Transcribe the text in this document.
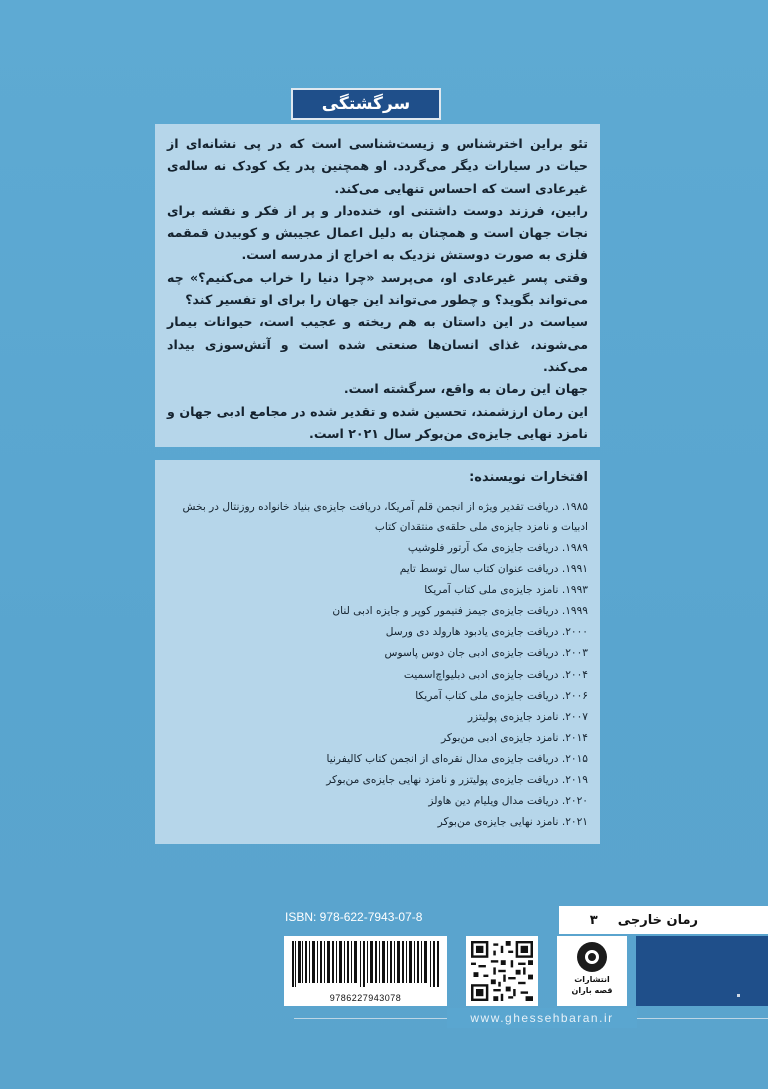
سرگشتگی

تئو براین اخترشناس و زیست‌شناسی است که در پی نشانه‌ای از حیات در سیارات دیگر می‌گردد. او همچنین پدر یک کودک نه ساله‌ی غیرعادی است که احساس تنهایی می‌کند.

رابین، فرزند دوست داشتنی او، خنده‌دار و پر از فکر و نقشه برای نجات جهان است و همچنان به دلیل اعمال عجیبش و کوبیدن قمقمه فلزی به صورت دوستش نزدیک به اخراج از مدرسه است.

وقتی پسر غیرعادی او، می‌پرسد «چرا دنیا را خراب می‌کنیم؟» چه می‌تواند بگوید؟ و چطور می‌تواند این جهان را برای او تفسیر کند؟

سیاست در این داستان به هم ریخته و عجیب است، حیوانات بیمار می‌شوند، غذای انسان‌ها صنعتی شده است و آتش‌سوزی بیداد می‌کند.

جهان این رمان به واقع، سرگشته است.

این رمان ارزشمند، تحسین شده و تقدیر شده در مجامع ادبی جهان و نامزد نهایی جایزه‌ی من‌بوکر سال ۲۰۲۱ است.

افتخارات نویسنده:
۱۹۸۵. دریافت تقدیر ویژه از انجمن قلم آمریکا، دریافت جایزه‌ی بنیاد خانواده روزنتال در بخش ادبیات و نامزد جایزه‌ی ملی حلقه‌ی منتقدان کتاب
۱۹۸۹. دریافت جایزه‌ی مک آرتور فلوشیپ
۱۹۹۱. دریافت عنوان کتاب سال توسط تایم
۱۹۹۳. نامزد جایزه‌ی ملی کتاب آمریکا
۱۹۹۹. دریافت جایزه‌ی جیمز فنیمور کوپر و جایزه ادبی لنان
۲۰۰۰. دریافت جایزه‌ی یادبود هارولد دی ورسل
۲۰۰۳. دریافت جایزه‌ی ادبی جان دوس پاسوس
۲۰۰۴. دریافت جایزه‌ی ادبی دبلیواچ‌اسمیت
۲۰۰۶. دریافت جایزه‌ی ملی کتاب آمریکا
۲۰۰۷. نامزد جایزه‌ی پولیتزر
۲۰۱۴. نامزد جایزه‌ی ادبی من‌بوکر
۲۰۱۵. دریافت جایزه‌ی مدال نقره‌ای از انجمن کتاب کالیفرنیا
۲۰۱۹. دریافت جایزه‌ی پولیتزر و نامزد نهایی جایزه‌ی من‌بوکر
۲۰۲۰. دریافت مدال ویلیام دین هاولز
۲۰۲۱. نامزد نهایی جایزه‌ی من‌بوکر
ISBN: 978-622-7943-07-8	رمان خارجی
۳
9786227943078
انتشارات
قصه باران
www.ghessehbaran.ir
